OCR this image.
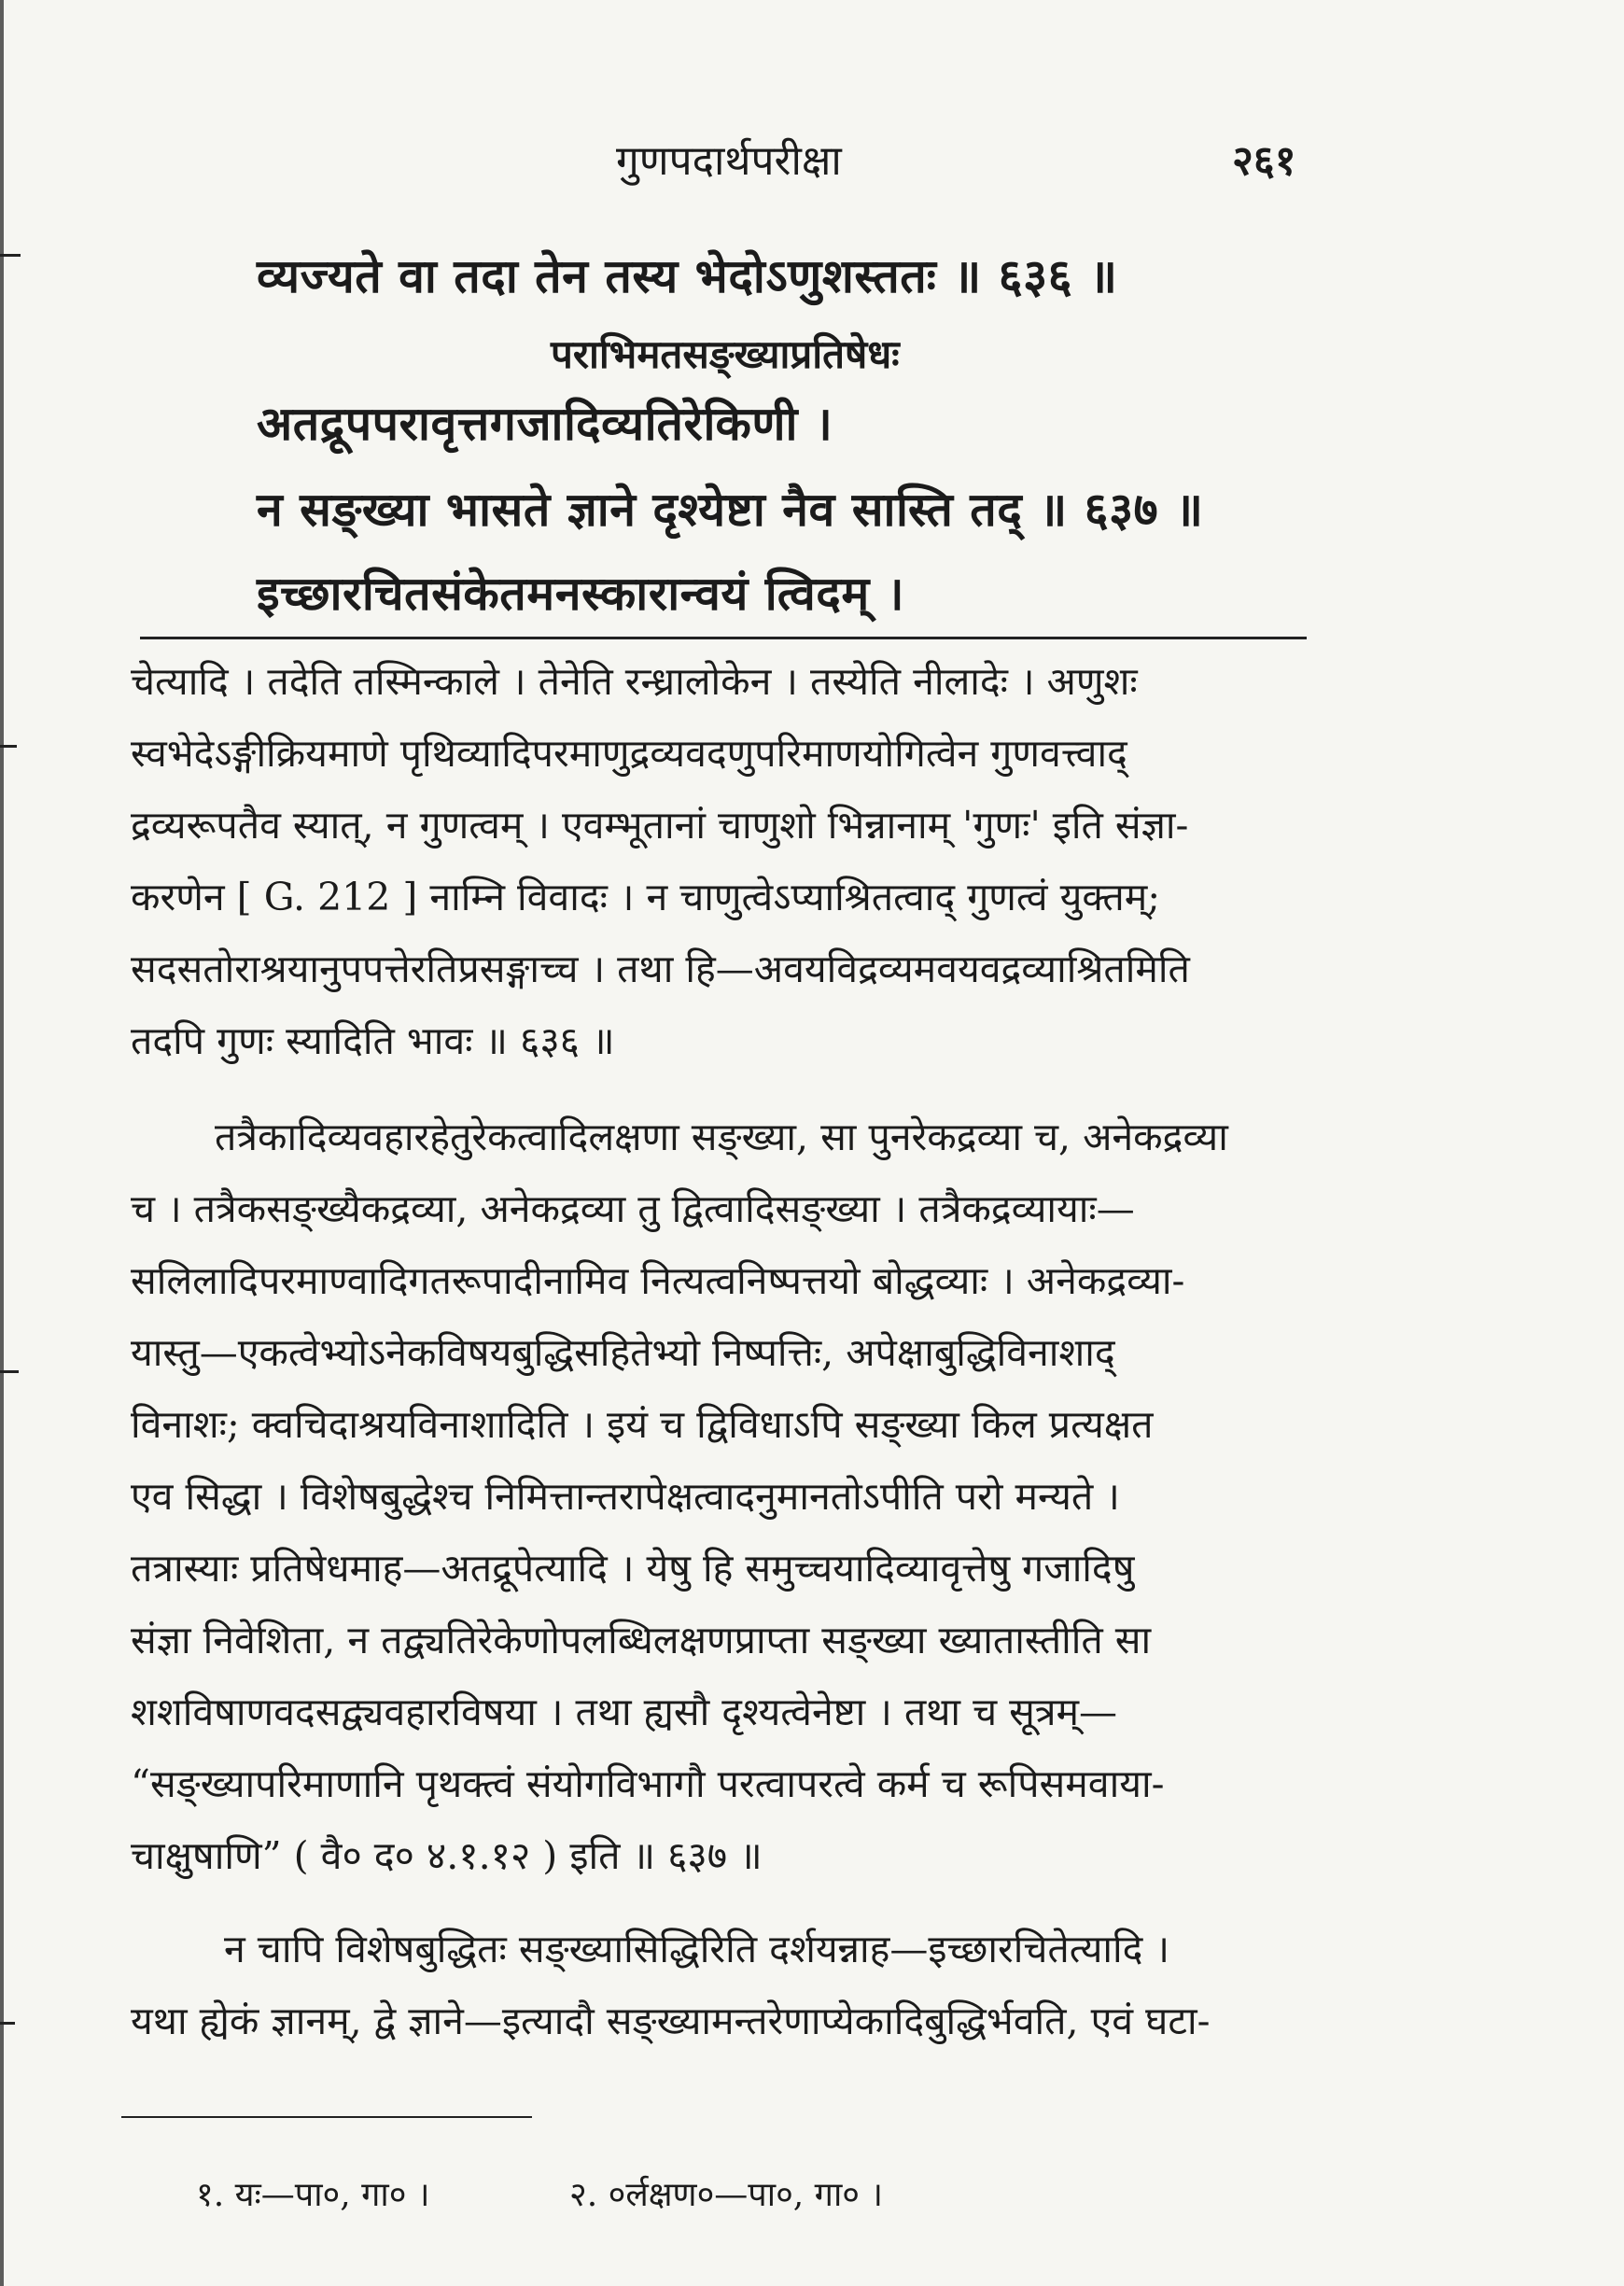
गुणपदार्थपरीक्षा	२६१
व्यज्यते वा तदा तेन तस्य भेदोऽणुशस्ततः ॥ ६३६ ॥
पराभिमतसङ्ख्याप्रतिषेधः
अतद्रूपपरावृत्तगजादिव्यतिरेकिणी ।
न सङ्ख्या भासते ज्ञाने दृश्येष्टा नैव सास्ति तद् ॥ ६३७ ॥
इच्छारचितसंकेतमनस्कारान्वयं त्विदम् ।
चेत्यादि । तदेति तस्मिन्काले । तेनेति रन्ध्रालोकेन । तस्येति नीलादेः । अणुशः
स्वभेदेऽङ्गीक्रियमाणे पृथिव्यादिपरमाणुद्रव्यवदणुपरिमाणयोगित्वेन गुणवत्त्वाद्
द्रव्यरूपतैव स्यात्, न गुणत्वम् । एवम्भूतानां चाणुशो भिन्नानाम् 'गुणः' इति संज्ञा-
करणेन [ G. 212 ] नाम्नि विवादः । न चाणुत्वेऽप्याश्रितत्वाद् गुणत्वं युक्तम्;
सदसतोराश्रयानुपपत्तेरतिप्रसङ्गाच्च । तथा हि—अवयविद्रव्यमवयवद्रव्याश्रितमिति
तदपि गुणः स्यादिति भावः ॥ ६३६ ॥
तत्रैकादिव्यवहारहेतुरेकत्वादिलक्षणा सङ्ख्या, सा पुनरेकद्रव्या च, अनेकद्रव्या
च । तत्रैकसङ्ख्यैकद्रव्या, अनेकद्रव्या तु द्वित्वादिसङ्ख्या । तत्रैकद्रव्यायाः—
सलिलादिपरमाण्वादिगतरूपादीनामिव नित्यत्वनिष्पत्तयो बोद्धव्याः । अनेकद्रव्या-
यास्तु—एकत्वेभ्योऽनेकविषयबुद्धिसहितेभ्यो निष्पत्तिः, अपेक्षाबुद्धिविनाशाद्
विनाशः; क्वचिदाश्रयविनाशादिति । इयं च द्विविधाऽपि सङ्ख्या किल प्रत्यक्षत
एव सिद्धा । विशेषबुद्धेश्च निमित्तान्तरापेक्षत्वादनुमानतोऽपीति परो मन्यते ।
तत्रास्याः प्रतिषेधमाह—अतद्रूपेत्यादि । येषु हि समुच्चयादिव्यावृत्तेषु गजादिषु
संज्ञा निवेशिता, न तद्व्यतिरेकेणोपलब्धिलक्षणप्राप्ता सङ्ख्या ख्यातास्तीति सा
शशविषाणवदसद्व्यवहारविषया । तथा ह्यसौ दृश्यत्वेनेष्टा । तथा च सूत्रम्—
“सङ्ख्यापरिमाणानि पृथक्त्वं संयोगविभागौ परत्वापरत्वे कर्म च रूपिसमवाया-
चाक्षुषाणि” ( वै० द० ४.१.१२ ) इति ॥ ६३७ ॥
न चापि विशेषबुद्धितः सङ्ख्यासिद्धिरिति दर्शयन्नाह—इच्छारचितेत्यादि ।
यथा ह्येकं ज्ञानम्, द्वे ज्ञाने—इत्यादौ सङ्ख्यामन्तरेणाप्येकादिबुद्धिर्भवति, एवं घटा-
१. यः—पा०, गा० ।	२. ०र्लक्षण०—पा०, गा० ।
